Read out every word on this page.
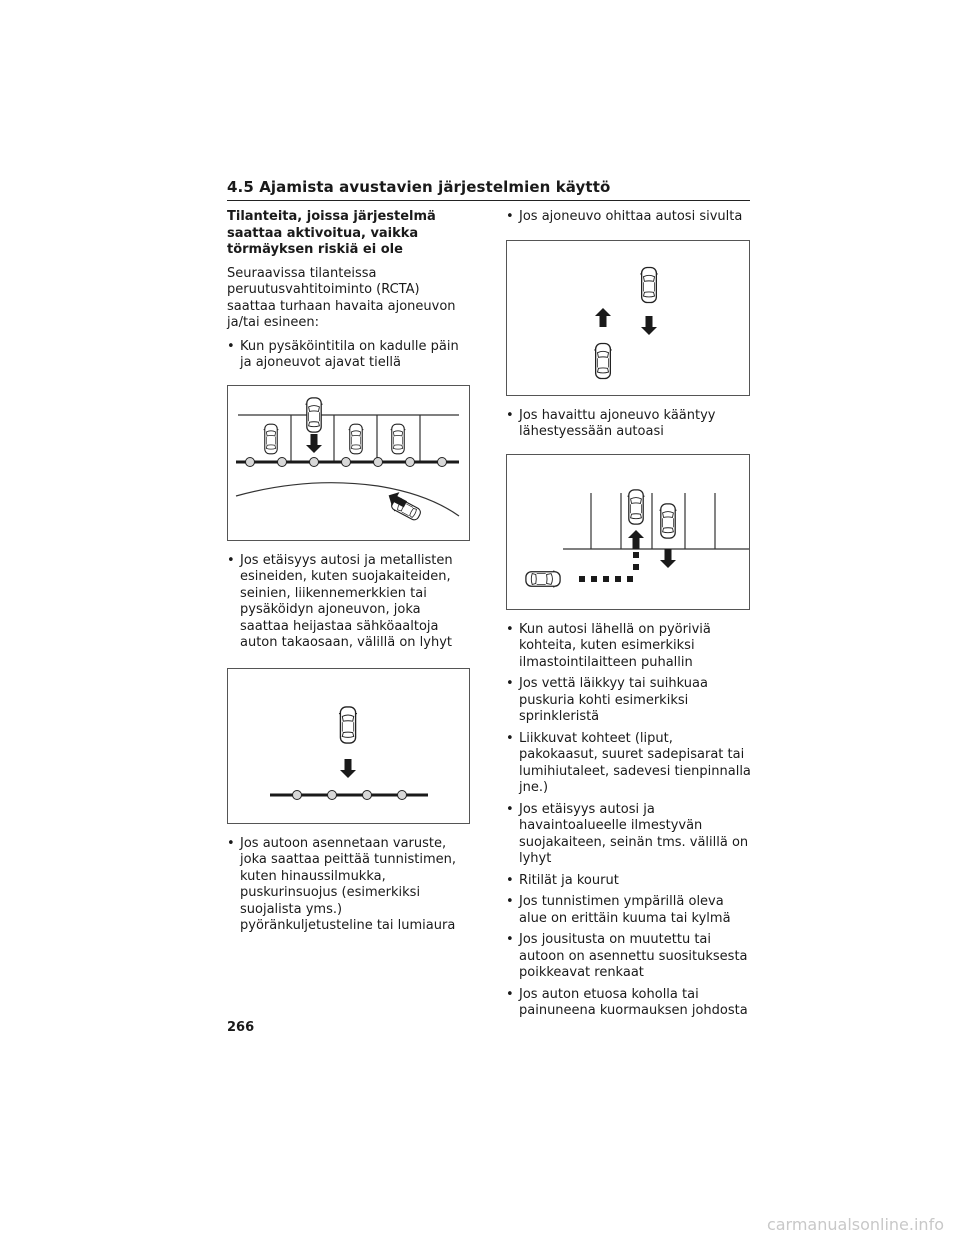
4.5 Ajamista avustavien järjestelmien käyttö

Tilanteita, joissa järjestelmä saattaa aktivoitua, vaikka törmäyksen riskiä ei ole

Seuraavissa tilanteissa peruutusvahtitoiminto (RCTA) saattaa turhaan havaita ajoneuvon ja/tai esineen:

• Kun pysäköintitila on kadulle päin ja ajoneuvot ajavat tiellä
• Jos etäisyys autosi ja metallisten esineiden, kuten suojakaiteiden, seinien, liikennemerkkien tai pysäköidyn ajoneuvon, joka saattaa heijastaa sähköaaltoja auton takaosaan, välillä on lyhyt
• Jos autoon asennetaan varuste, joka saattaa peittää tunnistimen, kuten hinaussilmukka, puskurinsuojus (esimerkiksi suojalista yms.) pyöränkuljetusteline tai lumiaura
• Jos ajoneuvo ohittaa autosi sivulta
• Jos havaittu ajoneuvo kääntyy lähestyessään autoasi
• Kun autosi lähellä on pyöriviä kohteita, kuten esimerkiksi ilmastointilaitteen puhallin
• Jos vettä läikkyy tai suihkuaa puskuria kohti esimerkiksi sprinkleristä
• Liikkuvat kohteet (liput, pakokaasut, suuret sadepisarat tai lumihiutaleet, sadevesi tienpinnalla jne.)
• Jos etäisyys autosi ja havaintoalueelle ilmestyvän suojakaiteen, seinän tms. välillä on lyhyt
• Ritilät ja kourut
• Jos tunnistimen ympärillä oleva alue on erittäin kuuma tai kylmä
• Jos jousitusta on muutettu tai autoon on asennettu suosituksesta poikkeavat renkaat
• Jos auton etuosa koholla tai painuneena kuormauksen johdosta
266
carmanualsonline.info
